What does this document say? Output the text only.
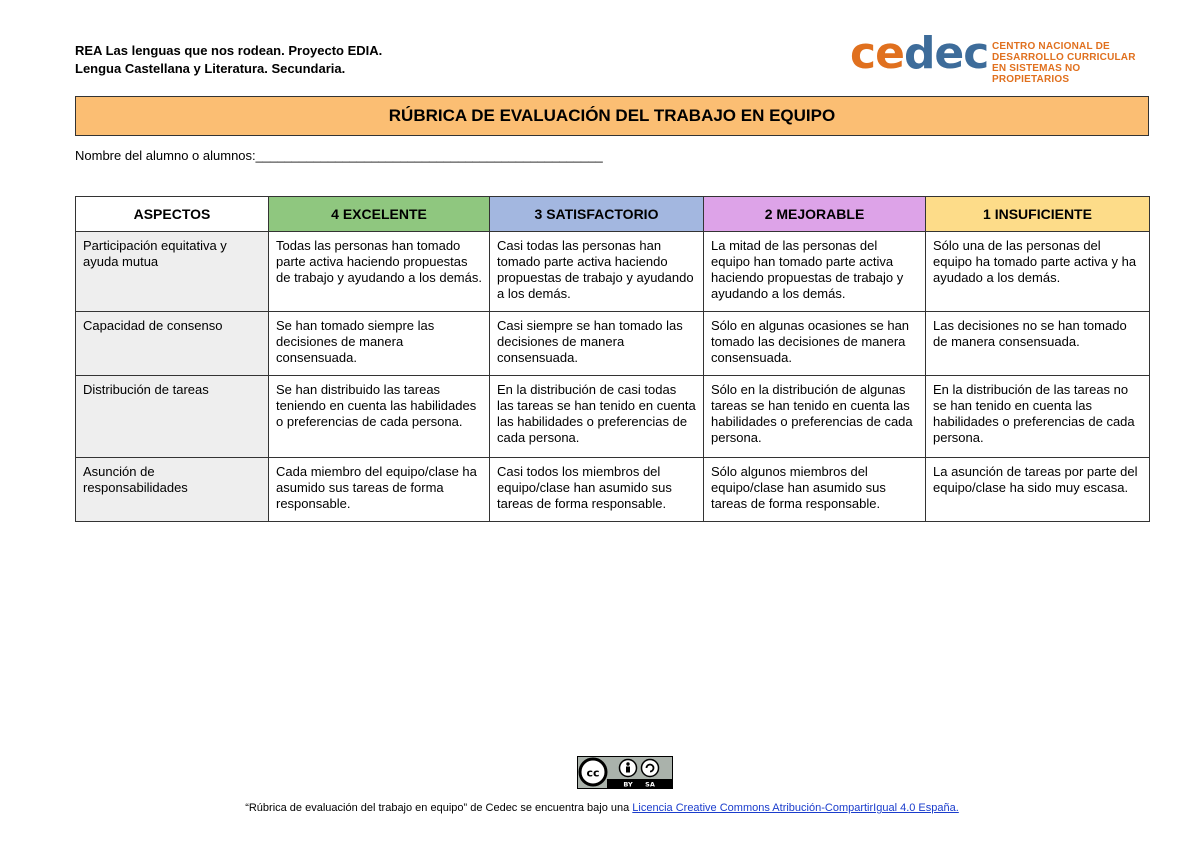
REA Las lenguas que nos rodean. Proyecto EDIA.
Lengua Castellana y Literatura. Secundaria.	cedec CENTRO NACIONAL DE
DESARROLLO CURRICULAR
EN SISTEMAS NO PROPIETARIOS
RÚBRICA DE EVALUACIÓN DEL TRABAJO EN EQUIPO
Nombre del alumno o alumnos:________________________________________________
ASPECTOS	4 EXCELENTE	3 SATISFACTORIO	2 MEJORABLE	1 INSUFICIENTE
Participación equitativa y ayuda mutua	Todas las personas han tomado parte activa haciendo propuestas de trabajo y ayudando a los demás.	Casi todas las personas han tomado parte activa haciendo propuestas de trabajo y ayudando a los demás.	La mitad de las personas del equipo han tomado parte activa haciendo propuestas de trabajo y ayudando a los demás.	Sólo una de las personas del equipo ha tomado parte activa y ha ayudado a los demás.
Capacidad de consenso	Se han tomado siempre las decisiones de manera consensuada.	Casi siempre se han tomado las decisiones de manera consensuada.	Sólo en algunas ocasiones se han tomado las decisiones de manera consensuada.	Las decisiones no se han tomado de manera consensuada.
Distribución de tareas	Se han distribuido las tareas teniendo en cuenta las habilidades o preferencias de cada persona.	En la distribución de casi todas las tareas se han tenido en cuenta las habilidades o preferencias de cada persona.	Sólo en la distribución de algunas tareas se han tenido en cuenta las habilidades o preferencias de cada persona.	En la distribución de las tareas no se han tenido en cuenta las habilidades o preferencias de cada persona.
Asunción de responsabilidades	Cada miembro del equipo/clase ha asumido sus tareas de forma responsable.	Casi todos los miembros del equipo/clase han asumido sus tareas de forma responsable.	Sólo algunos miembros del equipo/clase han asumido sus tareas de forma responsable.	La asunción de tareas por parte del equipo/clase ha sido muy escasa.
cc
BY SA
“Rúbrica de evaluación del trabajo en equipo” de Cedec se encuentra bajo una Licencia Creative Commons Atribución-CompartirIgual 4.0 España.
